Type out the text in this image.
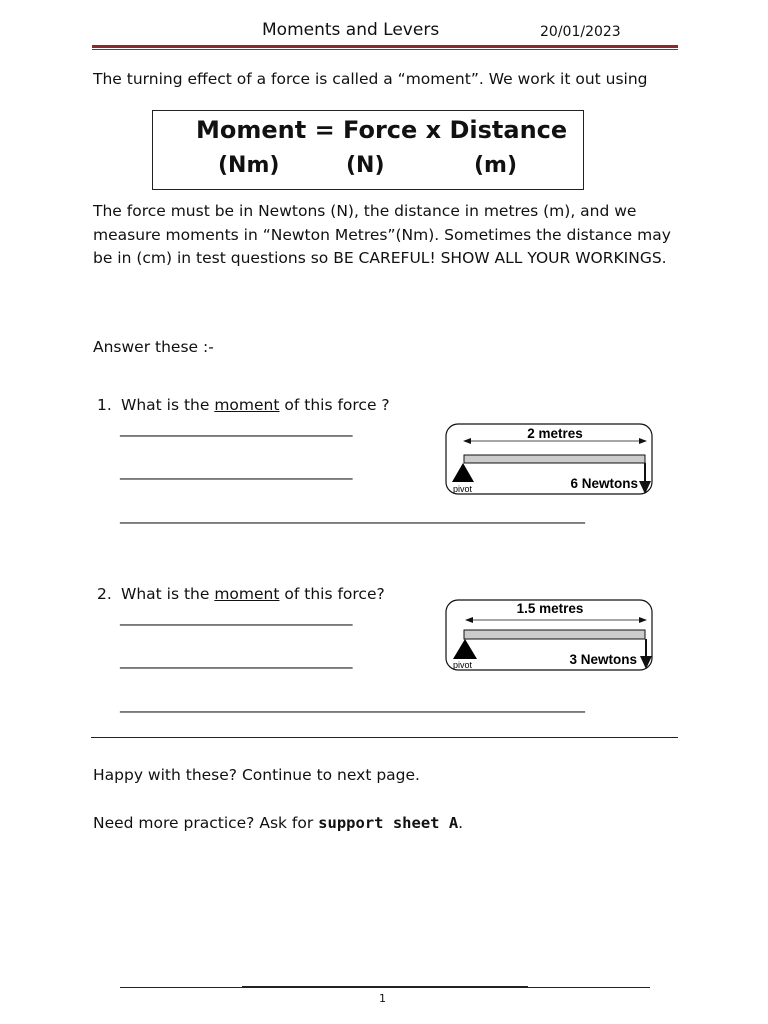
Moments and Levers	20/01/2023
The turning effect of a force is called a “moment”. We work it out using
Moment = Force x Distance
(Nm)	(N)	(m)
The force must be in Newtons (N), the distance in metres (m), and we measure moments in “Newton Metres”(Nm). Sometimes the distance may be in (cm) in test questions so BE CAREFUL! SHOW ALL YOUR WORKINGS.
Answer these :-
1. What is the moment of this force ?
_______________________________
_______________________________
______________________________________________________________
2 metres
pivot	6 Newtons
2. What is the moment of this force?
_______________________________
_______________________________
______________________________________________________________
1.5 metres
pivot	3 Newtons
Happy with these? Continue to next page.
Need more practice? Ask for support sheet A.
1
